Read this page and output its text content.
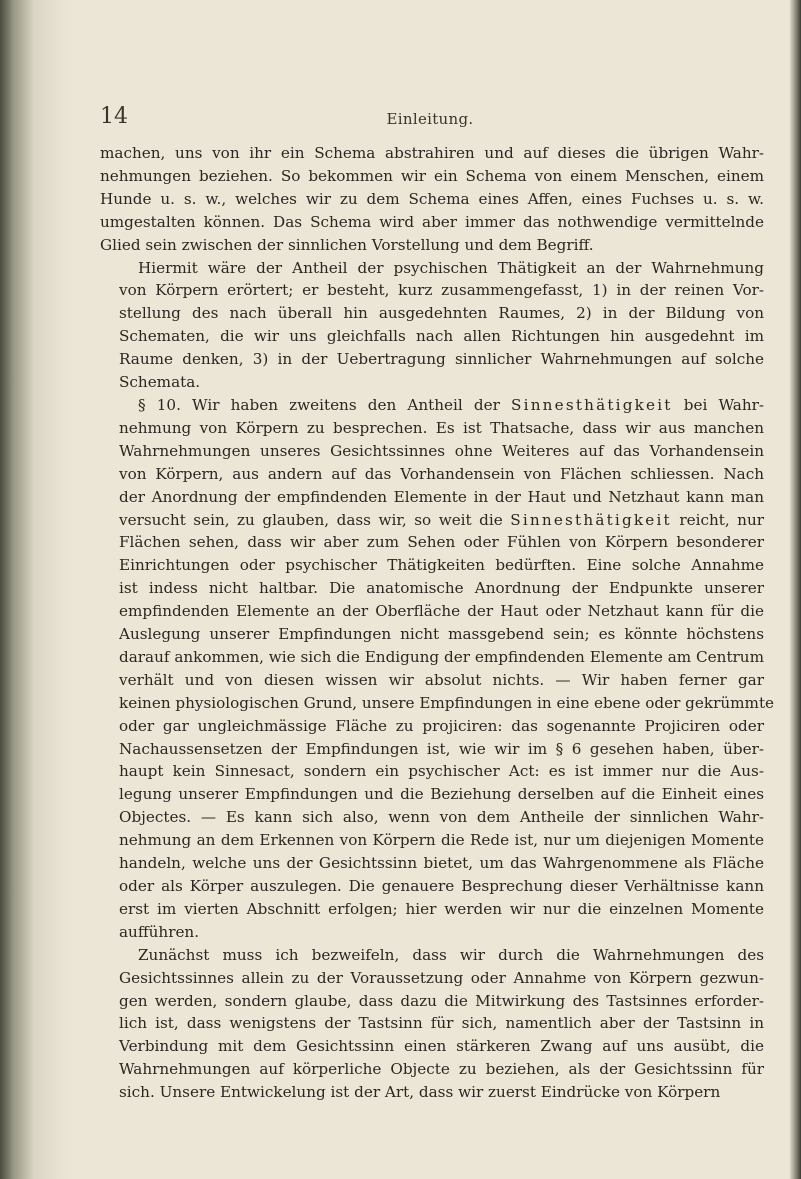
14	Einleitung.

machen, uns von ihr ein Schema abstrahiren und auf dieses die übrigen Wahr-
nehmungen beziehen. So bekommen wir ein Schema von einem Menschen, einem
Hunde u. s. w., welches wir zu dem Schema eines Affen, eines Fuchses u. s. w.
umgestalten können. Das Schema wird aber immer das nothwendige vermittelnde
Glied sein zwischen der sinnlichen Vorstellung und dem Begriff.

Hiermit wäre der Antheil der psychischen Thätigkeit an der Wahrnehmung
von Körpern erörtert; er besteht, kurz zusammengefasst, 1) in der reinen Vor-
stellung des nach überall hin ausgedehnten Raumes, 2) in der Bildung von
Schematen, die wir uns gleichfalls nach allen Richtungen hin ausgedehnt im
Raume denken, 3) in der Uebertragung sinnlicher Wahrnehmungen auf solche
Schemata.

§ 10. Wir haben zweitens den Antheil der Sinnesthätigkeit bei Wahr-
nehmung von Körpern zu besprechen. Es ist Thatsache, dass wir aus manchen
Wahrnehmungen unseres Gesichtssinnes ohne Weiteres auf das Vorhandensein
von Körpern, aus andern auf das Vorhandensein von Flächen schliessen. Nach
der Anordnung der empfindenden Elemente in der Haut und Netzhaut kann man
versucht sein, zu glauben, dass wir, so weit die Sinnesthätigkeit reicht, nur
Flächen sehen, dass wir aber zum Sehen oder Fühlen von Körpern besonderer
Einrichtungen oder psychischer Thätigkeiten bedürften. Eine solche Annahme
ist indess nicht haltbar. Die anatomische Anordnung der Endpunkte unserer
empfindenden Elemente an der Oberfläche der Haut oder Netzhaut kann für die
Auslegung unserer Empfindungen nicht massgebend sein; es könnte höchstens
darauf ankommen, wie sich die Endigung der empfindenden Elemente am Centrum
verhält und von diesen wissen wir absolut nichts. — Wir haben ferner gar
keinen physiologischen Grund, unsere Empfindungen in eine ebene oder gekrümmte
oder gar ungleichmässige Fläche zu projiciren: das sogenannte Projiciren oder
Nachaussensetzen der Empfindungen ist, wie wir im § 6 gesehen haben, über-
haupt kein Sinnesact, sondern ein psychischer Act: es ist immer nur die Aus-
legung unserer Empfindungen und die Beziehung derselben auf die Einheit eines
Objectes. — Es kann sich also, wenn von dem Antheile der sinnlichen Wahr-
nehmung an dem Erkennen von Körpern die Rede ist, nur um diejenigen Momente
handeln, welche uns der Gesichtssinn bietet, um das Wahrgenommene als Fläche
oder als Körper auszulegen. Die genauere Besprechung dieser Verhältnisse kann
erst im vierten Abschnitt erfolgen; hier werden wir nur die einzelnen Momente
aufführen.

Zunächst muss ich bezweifeln, dass wir durch die Wahrnehmungen des
Gesichtssinnes allein zu der Voraussetzung oder Annahme von Körpern gezwun-
gen werden, sondern glaube, dass dazu die Mitwirkung des Tastsinnes erforder-
lich ist, dass wenigstens der Tastsinn für sich, namentlich aber der Tastsinn in
Verbindung mit dem Gesichtssinn einen stärkeren Zwang auf uns ausübt, die
Wahrnehmungen auf körperliche Objecte zu beziehen, als der Gesichtssinn für
sich. Unsere Entwickelung ist der Art, dass wir zuerst Eindrücke von Körpern
